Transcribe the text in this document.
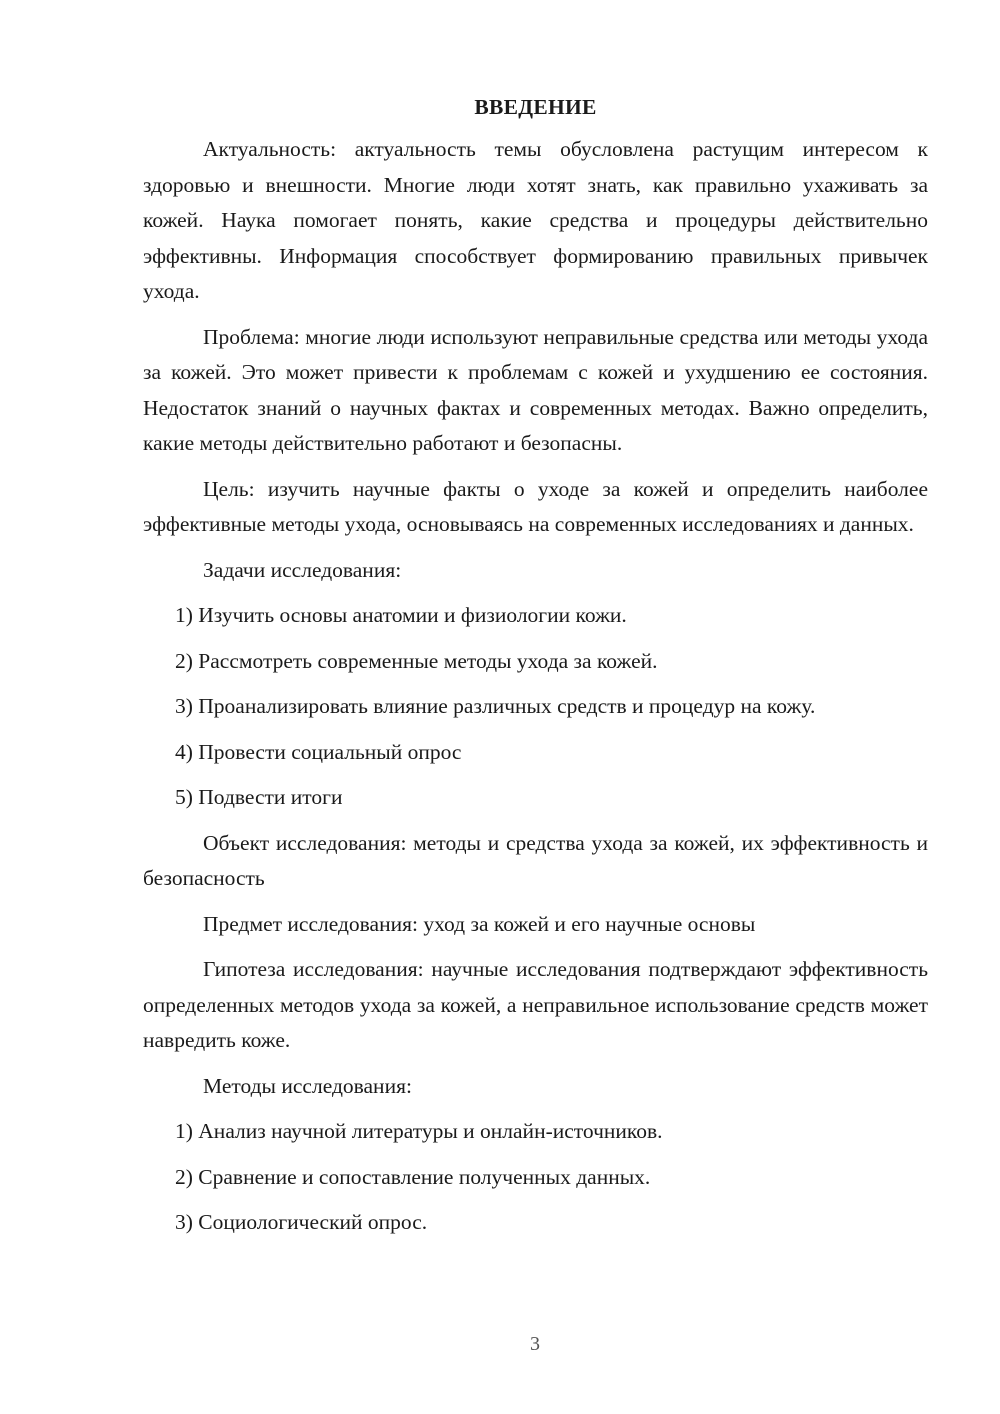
ВВЕДЕНИЕ

Актуальность: актуальность темы обусловлена растущим интересом к здоровью и внешности. Многие люди хотят знать, как правильно ухаживать за кожей. Наука помогает понять, какие средства и процедуры действительно эффективны. Информация способствует формированию правильных привычек ухода.

Проблема: многие люди используют неправильные средства или методы ухода за кожей. Это может привести к проблемам с кожей и ухудшению ее состояния. Недостаток знаний о научных фактах и современных методах. Важно определить, какие методы действительно работают и безопасны.

Цель: изучить научные факты о уходе за кожей и определить наиболее эффективные методы ухода, основываясь на современных исследованиях и данных.

Задачи исследования:

1) Изучить основы анатомии и физиологии кожи.

2) Рассмотреть современные методы ухода за кожей.

3) Проанализировать влияние различных средств и процедур на кожу.

4) Провести социальный опрос

5) Подвести итоги

Объект исследования: методы и средства ухода за кожей, их эффективность и безопасность

Предмет исследования: уход за кожей и его научные основы

Гипотеза исследования: научные исследования подтверждают эффективность определенных методов ухода за кожей, а неправильное использование средств может навредить коже.

Методы исследования:

1) Анализ научной литературы и онлайн-источников.

2) Сравнение и сопоставление полученных данных.

3) Социологический опрос.

3
